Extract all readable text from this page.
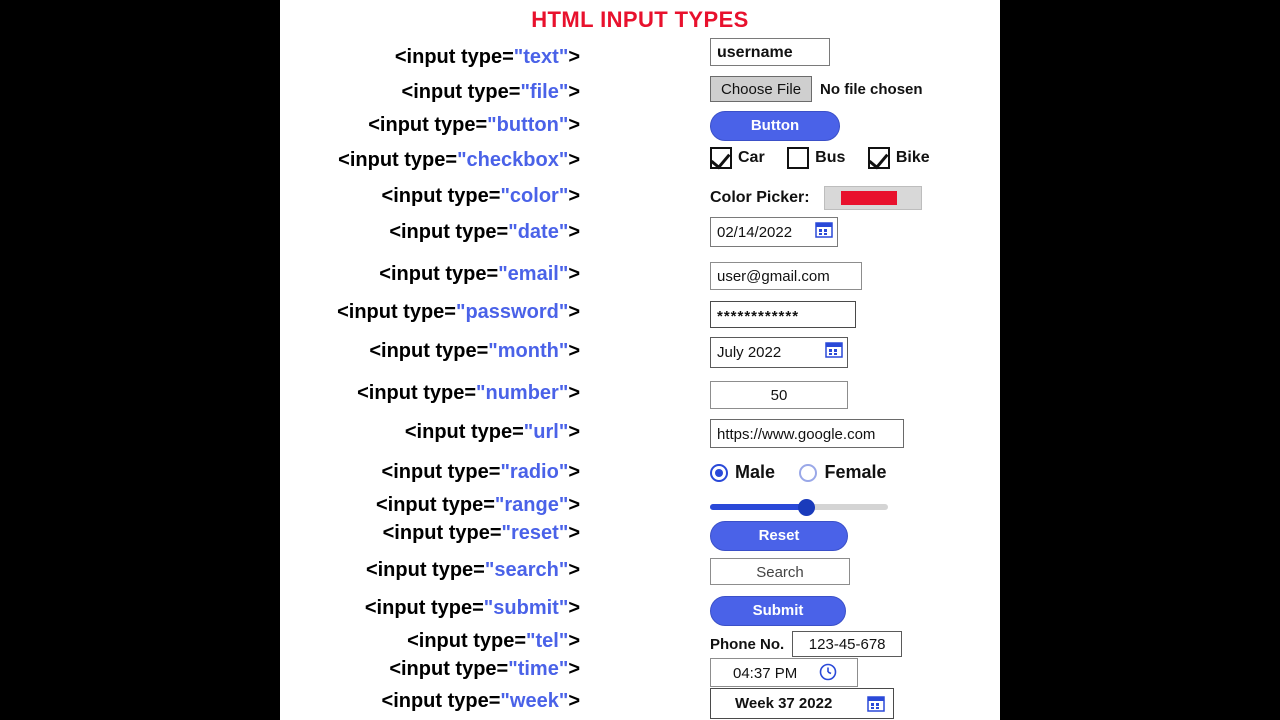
HTML INPUT TYPES
<input type="text">	username
<input type="file">	Choose File No file chosen
<input type="button">	Button
<input type="checkbox">	Car	Bus	Bike
<input type="color">	Color Picker:
<input type="date">	02/14/2022
<input type="email">	user@gmail.com
<input type="password">	************
<input type="month">	July 2022
<input type="number">	50
<input type="url">	https://www.google.com
<input type="radio">	Male	Female
<input type="range">
<input type="reset">	Reset
<input type="search">	Search
<input type="submit">	Submit
<input type="tel">	Phone No. 123-45-678
<input type="time">	04:37 PM
<input type="week">	Week 37 2022
